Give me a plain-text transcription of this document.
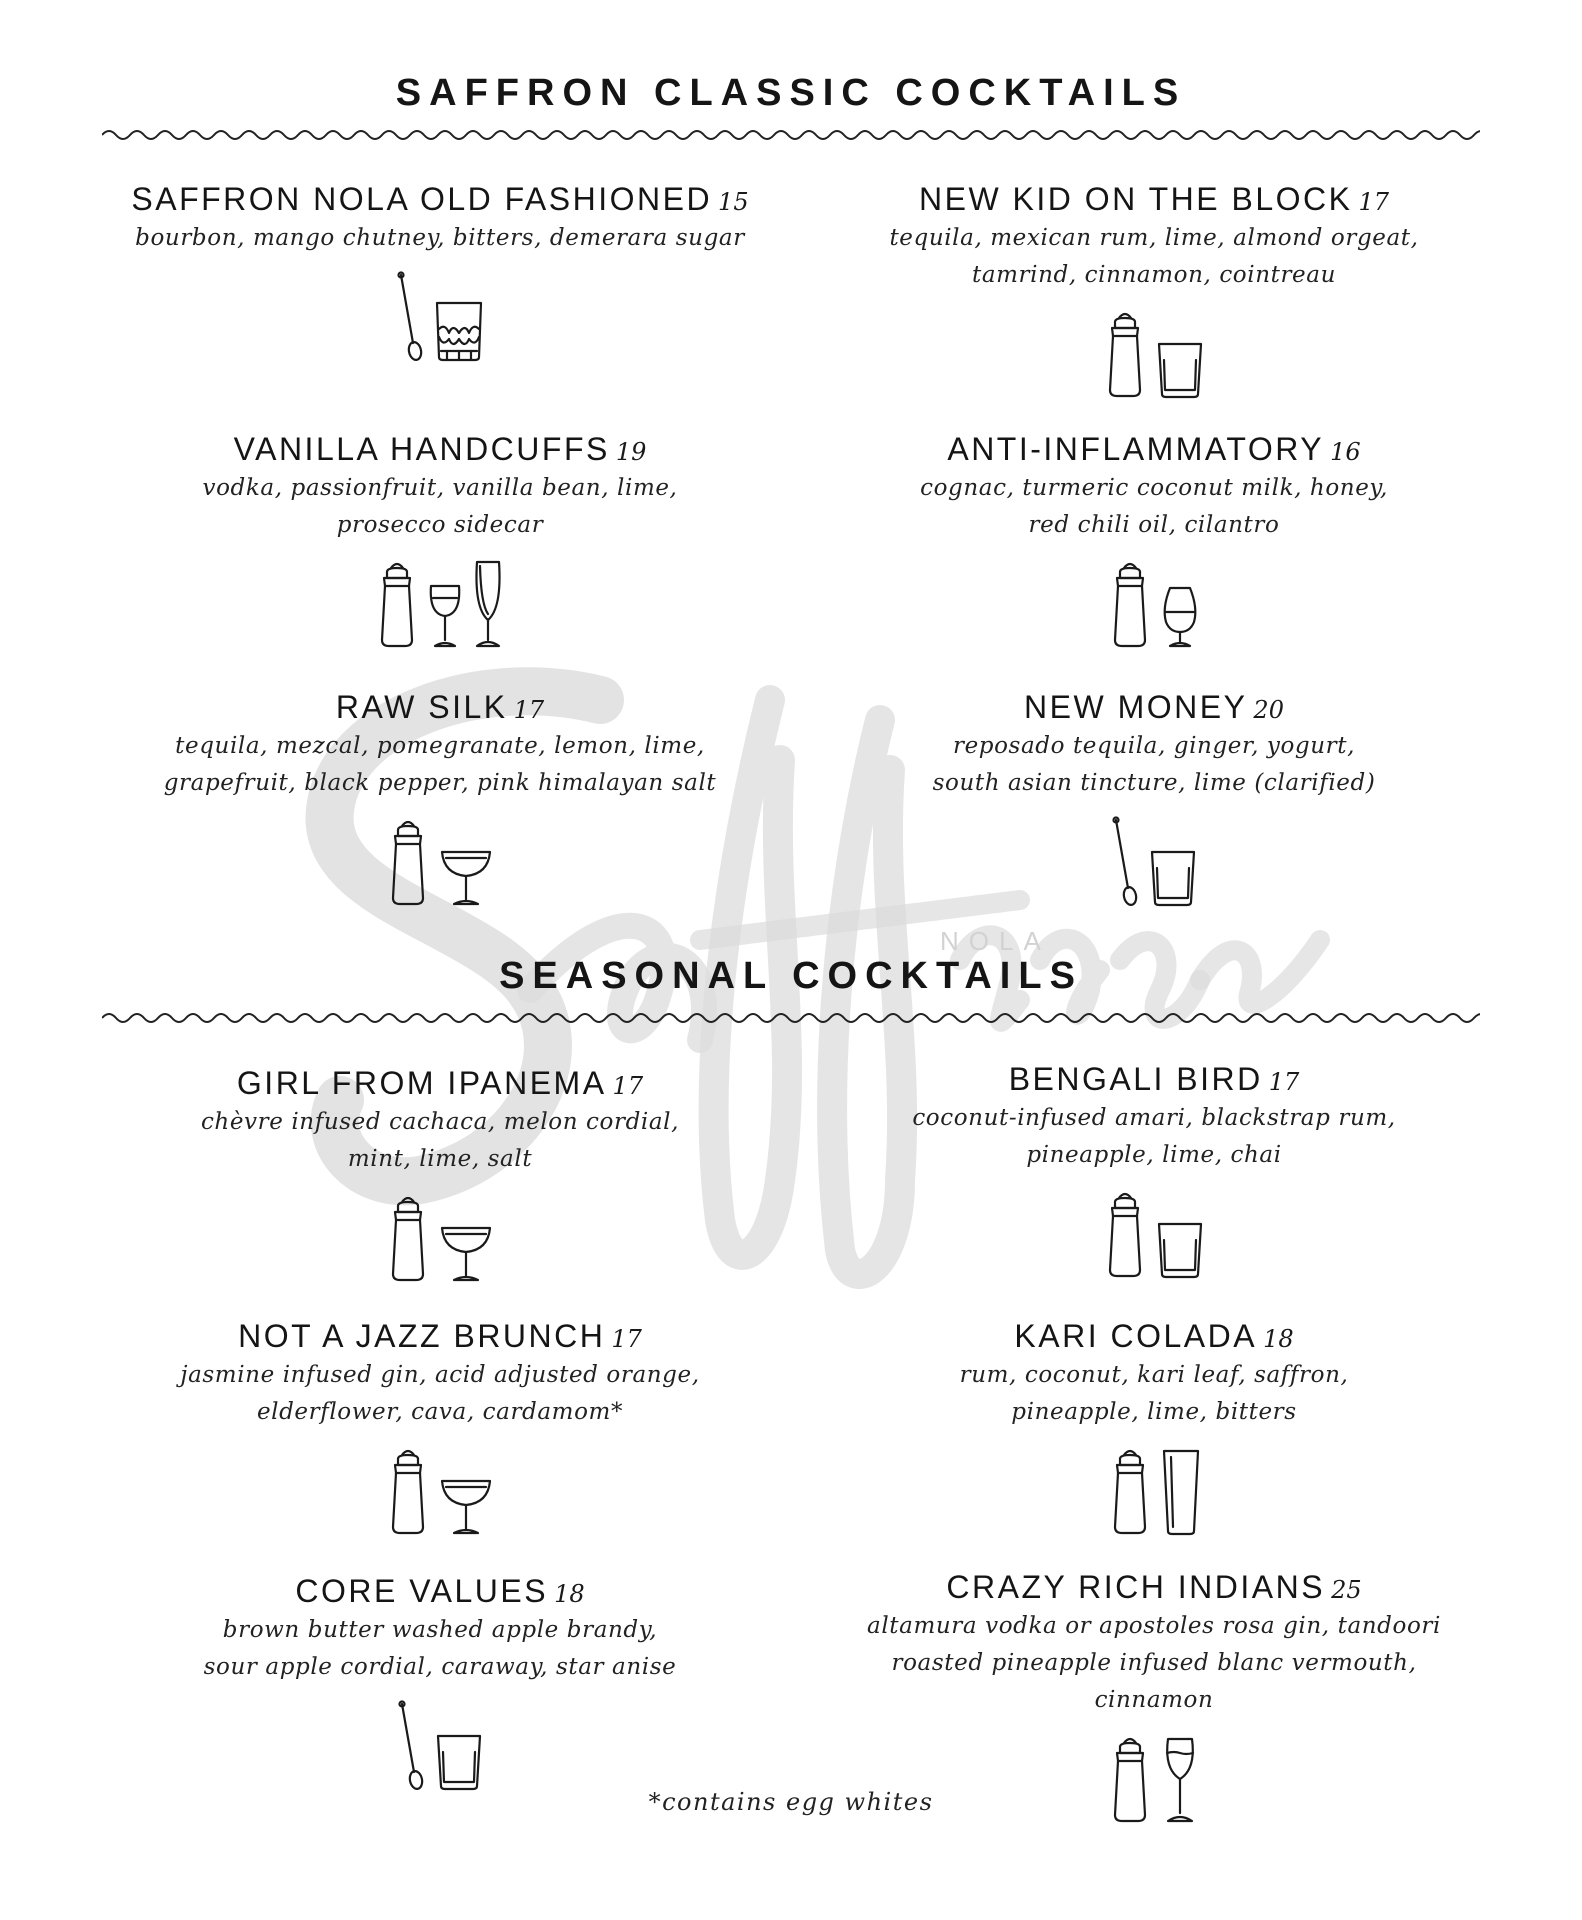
NOLA
SAFFRON CLASSIC COCKTAILS
SAFFRON NOLA OLD FASHIONED 15
bourbon, mango chutney, bitters, demerara sugar
NEW KID ON THE BLOCK 17
tequila, mexican rum, lime, almond orgeat,
tamrind, cinnamon, cointreau
VANILLA HANDCUFFS 19
vodka, passionfruit, vanilla bean, lime,
prosecco sidecar
ANTI-INFLAMMATORY 16
cognac, turmeric coconut milk, honey,
red chili oil, cilantro
RAW SILK 17
tequila, mezcal, pomegranate, lemon, lime,
grapefruit, black pepper, pink himalayan salt
NEW MONEY 20
reposado tequila, ginger, yogurt,
south asian tincture, lime (clarified)
SEASONAL COCKTAILS
GIRL FROM IPANEMA 17
chèvre infused cachaca, melon cordial,
mint, lime, salt
BENGALI BIRD 17
coconut-infused amari, blackstrap rum,
pineapple, lime, chai
NOT A JAZZ BRUNCH 17
jasmine infused gin, acid adjusted orange,
elderflower, cava, cardamom*
KARI COLADA 18
rum, coconut, kari leaf, saffron,
pineapple, lime, bitters
CORE VALUES 18
brown butter washed apple brandy,
sour apple cordial, caraway, star anise
CRAZY RICH INDIANS 25
altamura vodka or apostoles rosa gin, tandoori
roasted pineapple infused blanc vermouth,
cinnamon
*contains egg whites
